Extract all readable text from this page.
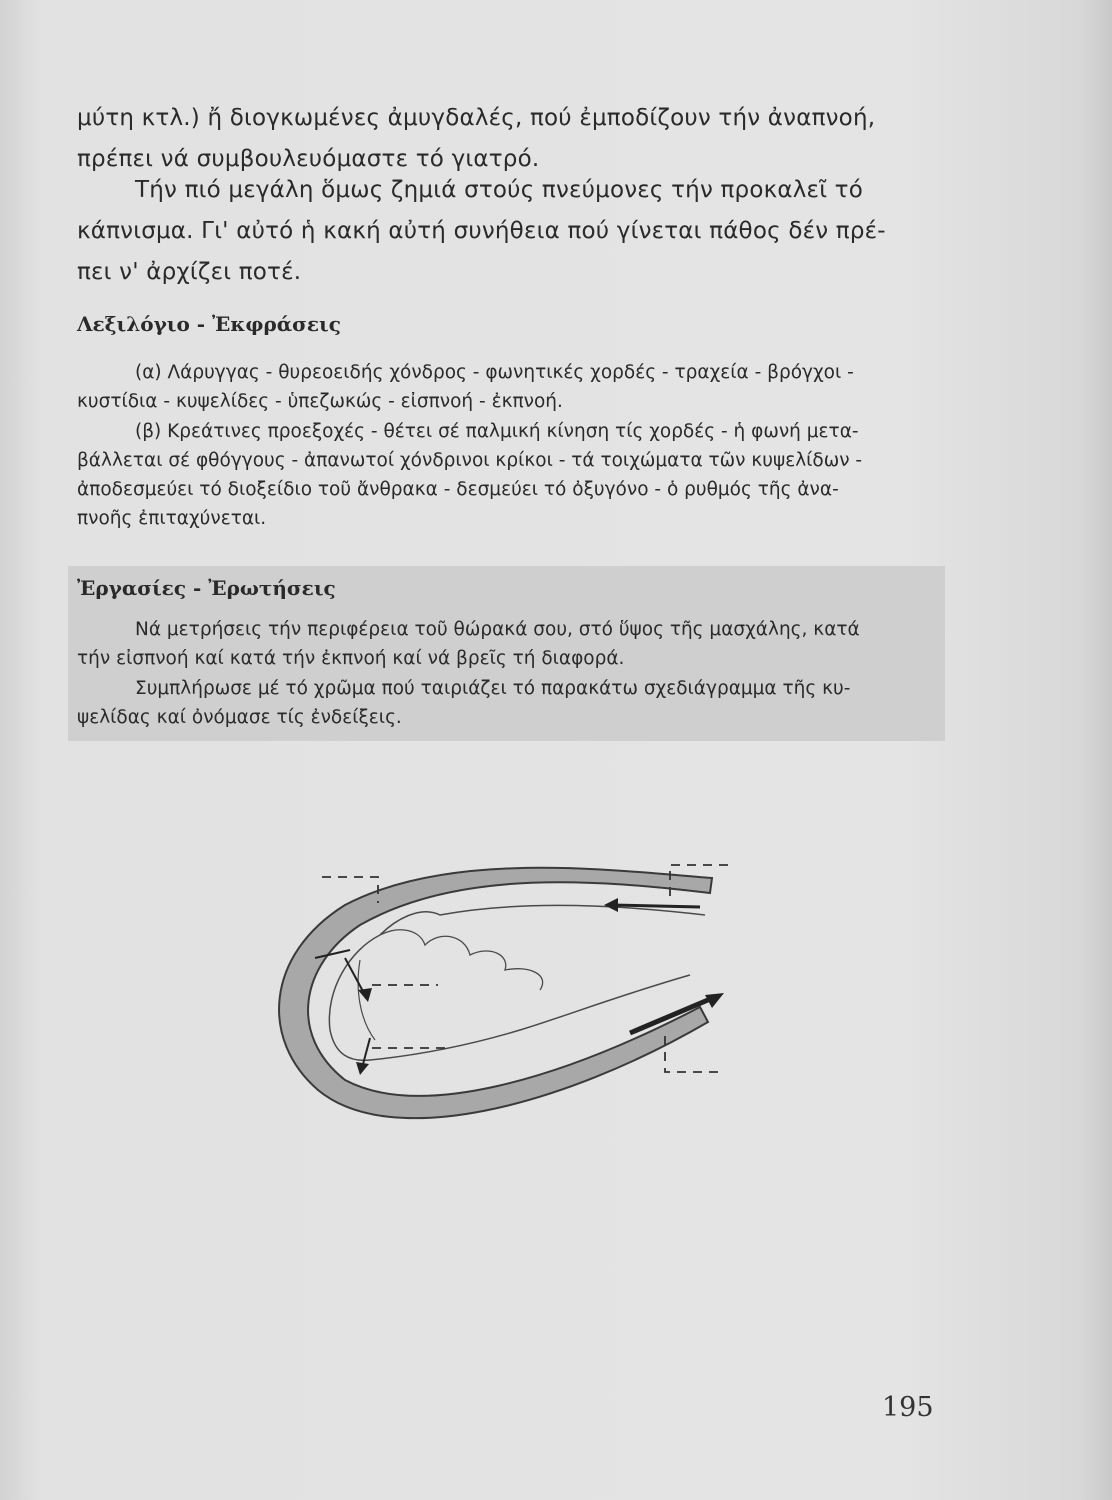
μύτη κτλ.) ἤ διογκωμένες ἀμυγδαλές, πού ἐμποδίζουν τήν ἀναπνοή,
πρέπει νά συμβουλευόμαστε τό γιατρό.

Τήν πιό μεγάλη ὅμως ζημιά στούς πνεύμονες τήν προκαλεῖ τό
κάπνισμα. Γι' αὐτό ἡ κακή αὐτή συνήθεια πού γίνεται πάθος δέν πρέ-
πει ν' ἀρχίζει ποτέ.

Λεξιλόγιο - Ἐκφράσεις
(α) Λάρυγγας - θυρεοειδής χόνδρος - φωνητικές χορδές - τραχεία - βρόγχοι -
κυστίδια - κυψελίδες - ὑπεζωκώς - εἰσπνοή - ἐκπνοή.
(β) Κρεάτινες προεξοχές - θέτει σέ παλμική κίνηση τίς χορδές - ἡ φωνή μετα-
βάλλεται σέ φθόγγους - ἀπανωτοί χόνδρινοι κρίκοι - τά τοιχώματα τῶν κυψελίδων -
ἀποδεσμεύει τό διοξείδιο τοῦ ἄνθρακα - δεσμεύει τό ὀξυγόνο - ὁ ρυθμός τῆς ἀνα-
πνοῆς ἐπιταχύνεται.
Ἐργασίες - Ἐρωτήσεις
Νά μετρήσεις τήν περιφέρεια τοῦ θώρακά σου, στό ὕψος τῆς μασχάλης, κατά
τήν εἰσπνοή καί κατά τήν ἐκπνοή καί νά βρεῖς τή διαφορά.
Συμπλήρωσε μέ τό χρῶμα πού ταιριάζει τό παρακάτω σχεδιάγραμμα τῆς κυ-
ψελίδας καί ὀνόμασε τίς ἐνδείξεις.
195
